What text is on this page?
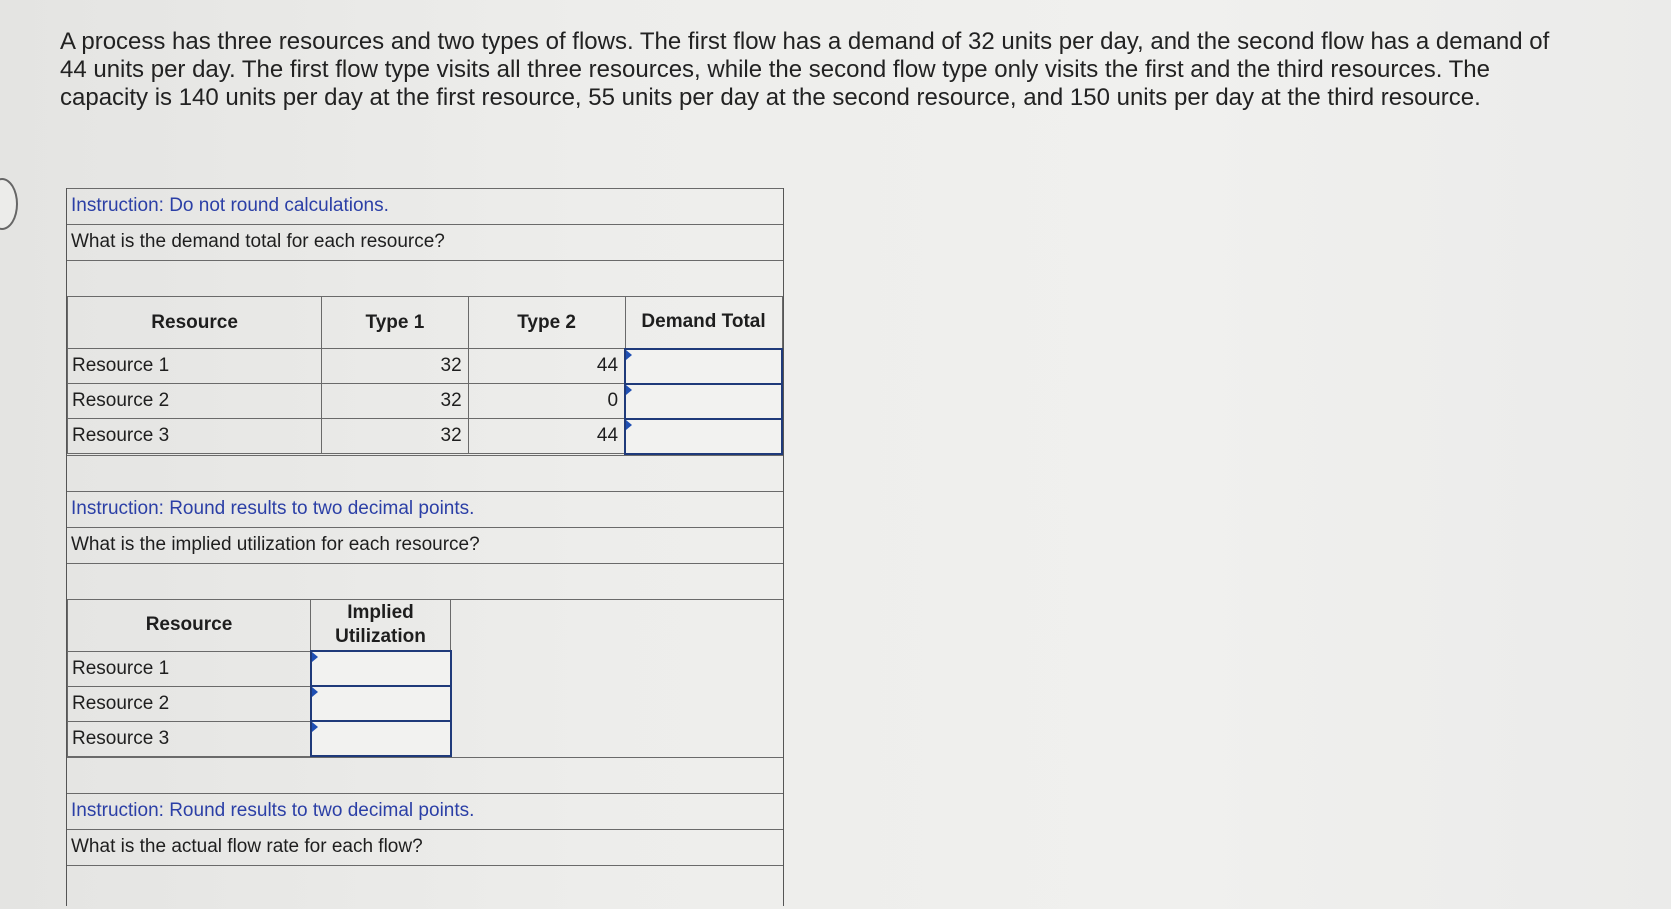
A process has three resources and two types of flows. The first flow has a demand of 32 units per day, and the second flow has a demand of 44 units per day. The first flow type visits all three resources, while the second flow type only visits the first and the third resources. The capacity is 140 units per day at the first resource, 55 units per day at the second resource, and 150 units per day at the third resource.

Instruction: Do not round calculations.
What is the demand total for each resource?
Resource	Type 1	Type 2	Demand Total
Resource 1	32	44	

Resource 2	32	0	

Resource 3	32	44	
Instruction: Round results to two decimal points.
What is the implied utilization for each resource?
Resource	Implied Utilization	
Resource 1	

Resource 2	

Resource 3	

Instruction: Round results to two decimal points.
What is the actual flow rate for each flow?
